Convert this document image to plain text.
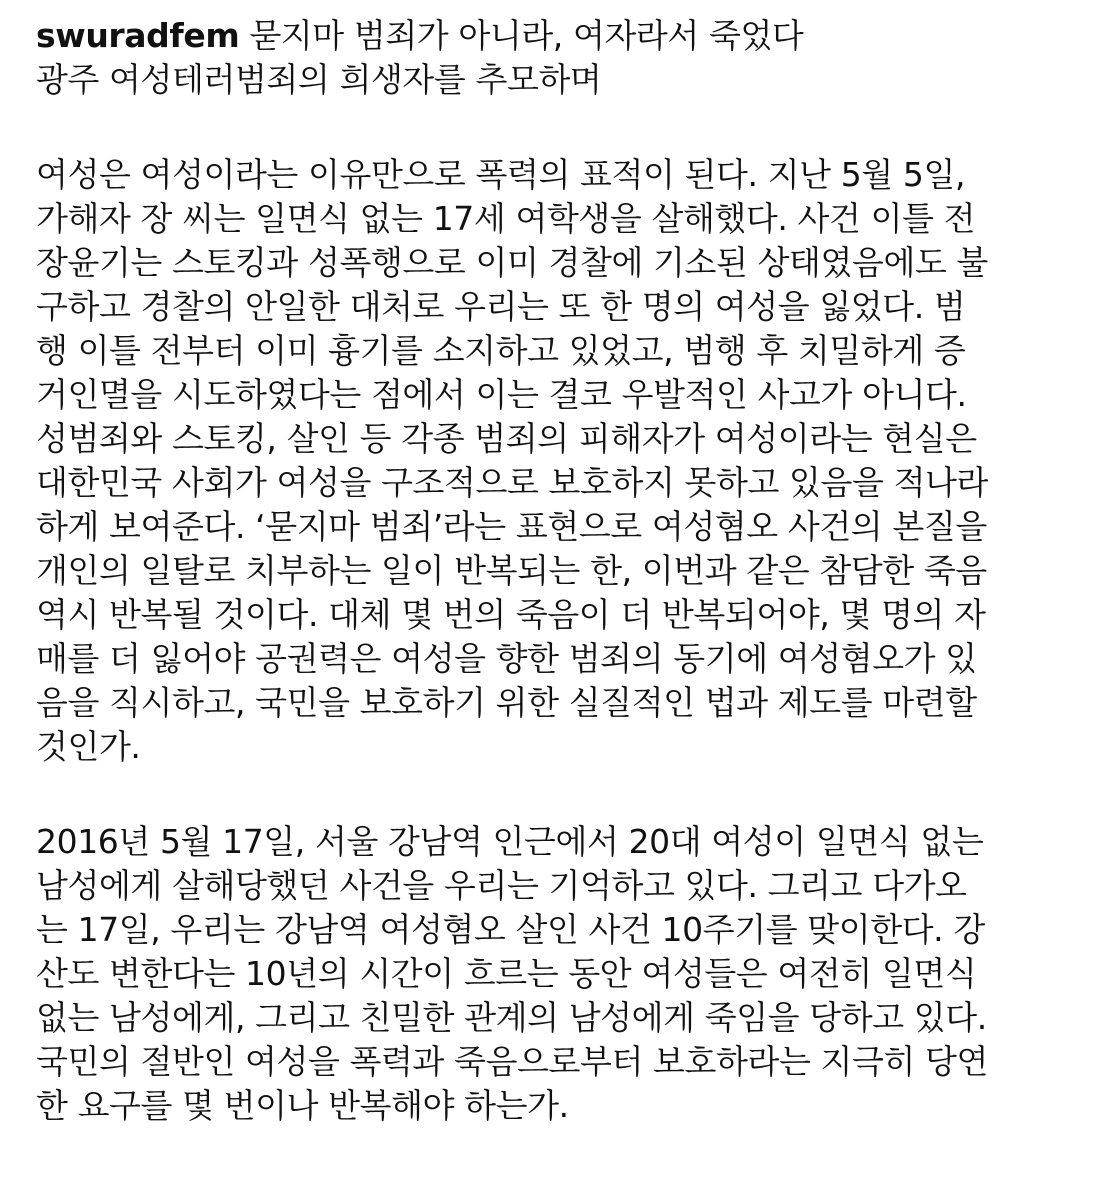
swuradfem 묻지마 범죄가 아니라, 여자라서 죽었다
광주 여성테러범죄의 희생자를 추모하며
여성은 여성이라는 이유만으로 폭력의 표적이 된다. 지난 5월 5일,
가해자 장 씨는 일면식 없는 17세 여학생을 살해했다. 사건 이틀 전
장윤기는 스토킹과 성폭행으로 이미 경찰에 기소된 상태였음에도 불
구하고 경찰의 안일한 대처로 우리는 또 한 명의 여성을 잃었다. 범
행 이틀 전부터 이미 흉기를 소지하고 있었고, 범행 후 치밀하게 증
거인멸을 시도하였다는 점에서 이는 결코 우발적인 사고가 아니다.
성범죄와 스토킹, 살인 등 각종 범죄의 피해자가 여성이라는 현실은
대한민국 사회가 여성을 구조적으로 보호하지 못하고 있음을 적나라
하게 보여준다. ‘묻지마 범죄’라는 표현으로 여성혐오 사건의 본질을
개인의 일탈로 치부하는 일이 반복되는 한, 이번과 같은 참담한 죽음
역시 반복될 것이다. 대체 몇 번의 죽음이 더 반복되어야, 몇 명의 자
매를 더 잃어야 공권력은 여성을 향한 범죄의 동기에 여성혐오가 있
음을 직시하고, 국민을 보호하기 위한 실질적인 법과 제도를 마련할
것인가.
2016년 5월 17일, 서울 강남역 인근에서 20대 여성이 일면식 없는
남성에게 살해당했던 사건을 우리는 기억하고 있다. 그리고 다가오
는 17일, 우리는 강남역 여성혐오 살인 사건 10주기를 맞이한다. 강
산도 변한다는 10년의 시간이 흐르는 동안 여성들은 여전히 일면식
없는 남성에게, 그리고 친밀한 관계의 남성에게 죽임을 당하고 있다.
국민의 절반인 여성을 폭력과 죽음으로부터 보호하라는 지극히 당연
한 요구를 몇 번이나 반복해야 하는가.
